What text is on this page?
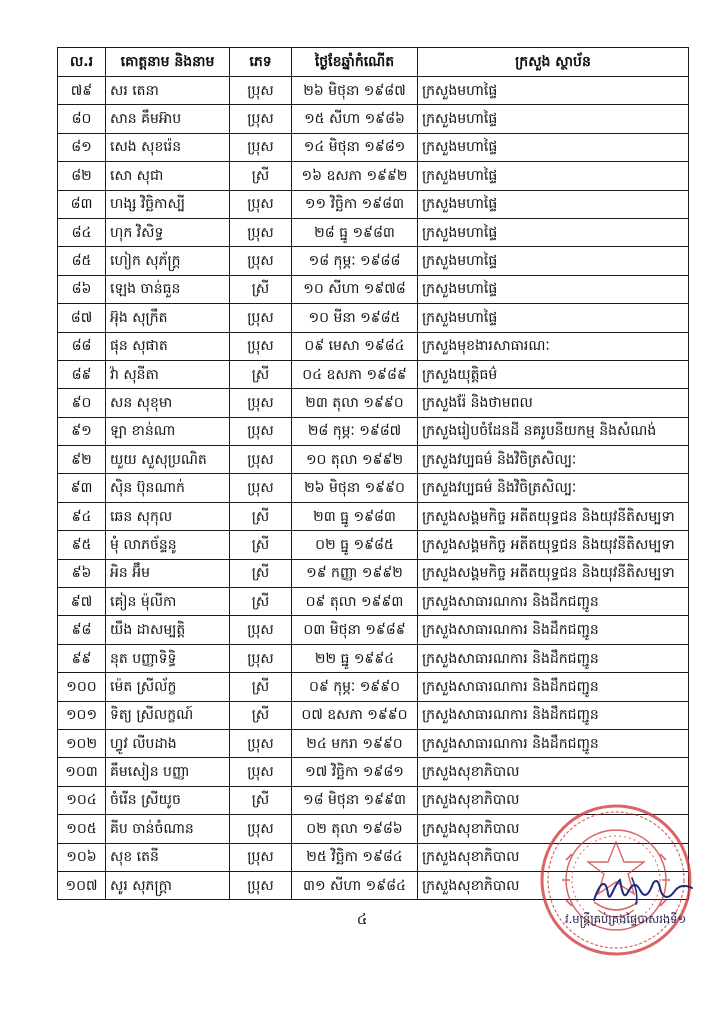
ល.រ	គោត្តនាម និងនាម	ភេទ	ថ្ងៃខែឆ្នាំកំណើត	ក្រសួង ស្ថាប័ន
៧៩	សរ តេនា	ប្រុស	២៦ មិថុនា ១៩៨៧	ក្រសួងមហាផ្ទៃ
៨០	សាន គឹមអ៊ាប	ប្រុស	១៥ សីហា ១៩៨៦	ក្រសួងមហាផ្ទៃ
៨១	សេង សុខរ៉េន	ប្រុស	១៤ មិថុនា ១៩៨១	ក្រសួងមហាផ្ទៃ
៨២	សោ សុជា	ស្រី	១៦ ឧសភា ១៩៩២	ក្រសួងមហាផ្ទៃ
៨៣	ហង្ស វិច្ឆិកាស្បី	ប្រុស	១១ វិច្ឆិកា ១៩៨៣	ក្រសួងមហាផ្ទៃ
៨៤	ហុក វិសិទ្ធ	ប្រុស	២៨ ធ្នូ ១៩៨៣	ក្រសួងមហាផ្ទៃ
៨៥	ហៀក សុភ័ក្ត្រ	ប្រុស	១៨ កុម្ភៈ ១៩៨៨	ក្រសួងមហាផ្ទៃ
៨៦	ឡេង ចាន់ធួន	ស្រី	១០ សីហា ១៩៧៨	ក្រសួងមហាផ្ទៃ
៨៧	អ៊ុង សុក្រឹត	ប្រុស	១០ មីនា ១៩៨៥	ក្រសួងមហាផ្ទៃ
៨៨	ផុន សុផាត	ប្រុស	០៩ មេសា ១៩៨៤	ក្រសួងមុខងារសាធារណៈ
៨៩	វ៉ា សុនីតា	ស្រី	០៤ ឧសភា ១៩៨៩	ក្រសួងយុត្តិធម៌
៩០	សន សុខុមា	ប្រុស	២៣ តុលា ១៩៩០	ក្រសួងរ៉ែ និងថាមពល
៩១	ឡា ខាន់ណា	ប្រុស	២៨ កុម្ភៈ ១៩៨៧	ក្រសួងរៀបចំដែនដី នគរូបនីយកម្ម និងសំណង់
៩២	យួយ សួសុប្រណិត	ប្រុស	១០ តុលា ១៩៩២	ក្រសួងវប្បធម៌ និងវិចិត្រសិល្បៈ
៩៣	ស៊ិន ប៊ុនណាក់	ប្រុស	២៦ មិថុនា ១៩៩០	ក្រសួងវប្បធម៌ និងវិចិត្រសិល្បៈ
៩៤	ឆេន សុកុល	ស្រី	២៣ ធ្នូ ១៩៨៣	ក្រសួងសង្គមកិច្ច អតីតយុទ្ធជន និងយុវនីតិសម្បទា
៩៥	មុំ លាភច័ន្ទនូ	ស្រី	០២ ធ្នូ ១៩៨៥	ក្រសួងសង្គមកិច្ច អតីតយុទ្ធជន និងយុវនីតិសម្បទា
៩៦	អិន អ៊ឹម	ស្រី	១៩ កញ្ញា ១៩៩២	ក្រសួងសង្គមកិច្ច អតីតយុទ្ធជន និងយុវនីតិសម្បទា
៩៧	គៀន ម៉ុលីកា	ស្រី	០៩ តុលា ១៩៩៣	ក្រសួងសាធារណការ និងដឹកជញ្ជូន
៩៨	យឹង ដាសម្បត្តិ	ប្រុស	០៣ មិថុនា ១៩៨៩	ក្រសួងសាធារណការ និងដឹកជញ្ជូន
៩៩	នុត បញ្ញាទិទ្ធិ	ប្រុស	២២ ធ្នូ ១៩៩៤	ក្រសួងសាធារណការ និងដឹកជញ្ជូន
១០០	ម៉េត ស្រីល័ក្ខ	ស្រី	០៩ កុម្ភៈ ១៩៩០	ក្រសួងសាធារណការ និងដឹកជញ្ជូន
១០១	ទិត្យ ស្រីលក្ខណ៍	ស្រី	០៧ ឧសភា ១៩៩០	ក្រសួងសាធារណការ និងដឹកជញ្ជូន
១០២	ហ្វូវ លីបដាង	ប្រុស	២៤ មករា ១៩៩០	ក្រសួងសាធារណការ និងដឹកជញ្ជូន
១០៣	គឹមសៀន បញ្ញា	ប្រុស	១៧ វិច្ឆិកា ១៩៨១	ក្រសួងសុខាភិបាល
១០៤	ចំរើន ស្រីយូច	ស្រី	១៨ មិថុនា ១៩៩៣	ក្រសួងសុខាភិបាល
១០៥	គីប ចាន់ចំណាន	ប្រុស	០២ តុលា ១៩៨៦	ក្រសួងសុខាភិបាល
១០៦	សុខ តេនី	ប្រុស	២៥ វិច្ឆិកា ១៩៨៤	ក្រសួងសុខាភិបាល
១០៧	សូរ សុភក្ត្រា	ប្រុស	៣១ សីហា ១៩៨៤	ក្រសួងសុខាភិបាល
វ.មន្ត្រីគ្រប់គ្រងផ្ទៃបាសរងទី១
៤
